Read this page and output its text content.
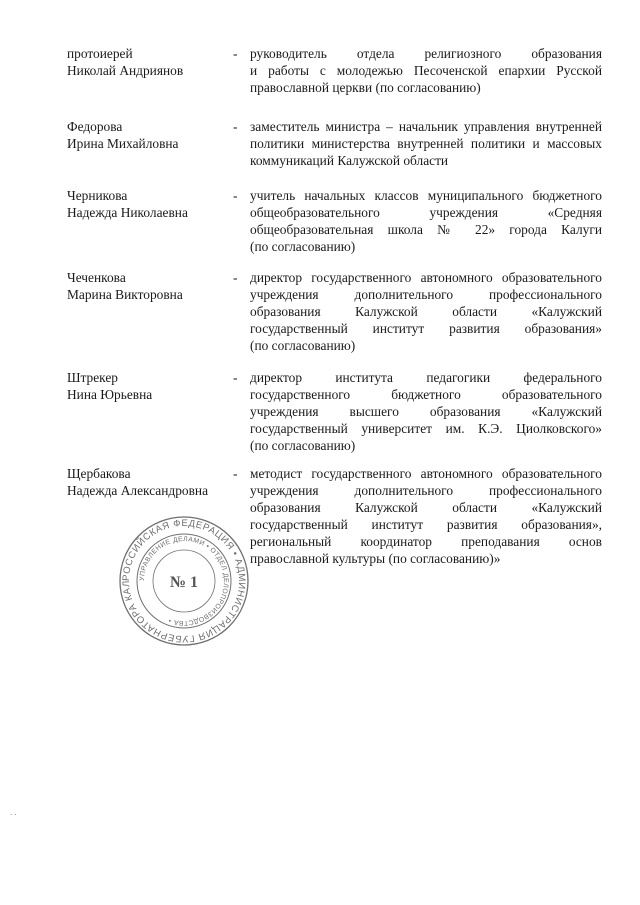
протоиерей
Николай Андриянов
- руководитель отдела религиозного образования
и работы с молодежью Песоченской епархии Русской
православной церкви (по согласованию)
Федорова
Ирина Михайловна
- заместитель министра – начальник управления внутренней
политики министерства внутренней политики и массовых
коммуникаций Калужской области
Черникова
Надежда Николаевна
- учитель начальных классов муниципального бюджетного
общеобразовательного учреждения «Средняя
общеобразовательная школа № 22» города Калуги
(по согласованию)
Чеченкова
Марина Викторовна
- директор государственного автономного образовательного
учреждения дополнительного профессионального
образования Калужской области «Калужский
государственный институт развития образования»
(по согласованию)
Штрекер
Нина Юрьевна
- директор института педагогики федерального
государственного бюджетного образовательного
учреждения высшего образования «Калужский
государственный университет им. К.Э. Циолковского»
(по согласованию)
Щербакова
Надежда Александровна
- методист государственного автономного образовательного
учреждения дополнительного профессионального
образования Калужской области «Калужский
государственный институт развития образования»,
региональный координатор преподавания основ
православной культуры (по согласованию)»
РОССИЙСКАЯ ФЕДЕРАЦИЯ • АДМИНИСТРАЦИЯ ГУБЕРНАТОРА КАЛ
УПРАВЛЕНИЕ ДЕЛАМИ • ОТДЕЛ ДЕЛОПРОИЗВОДСТВА •
№ 1
. .
